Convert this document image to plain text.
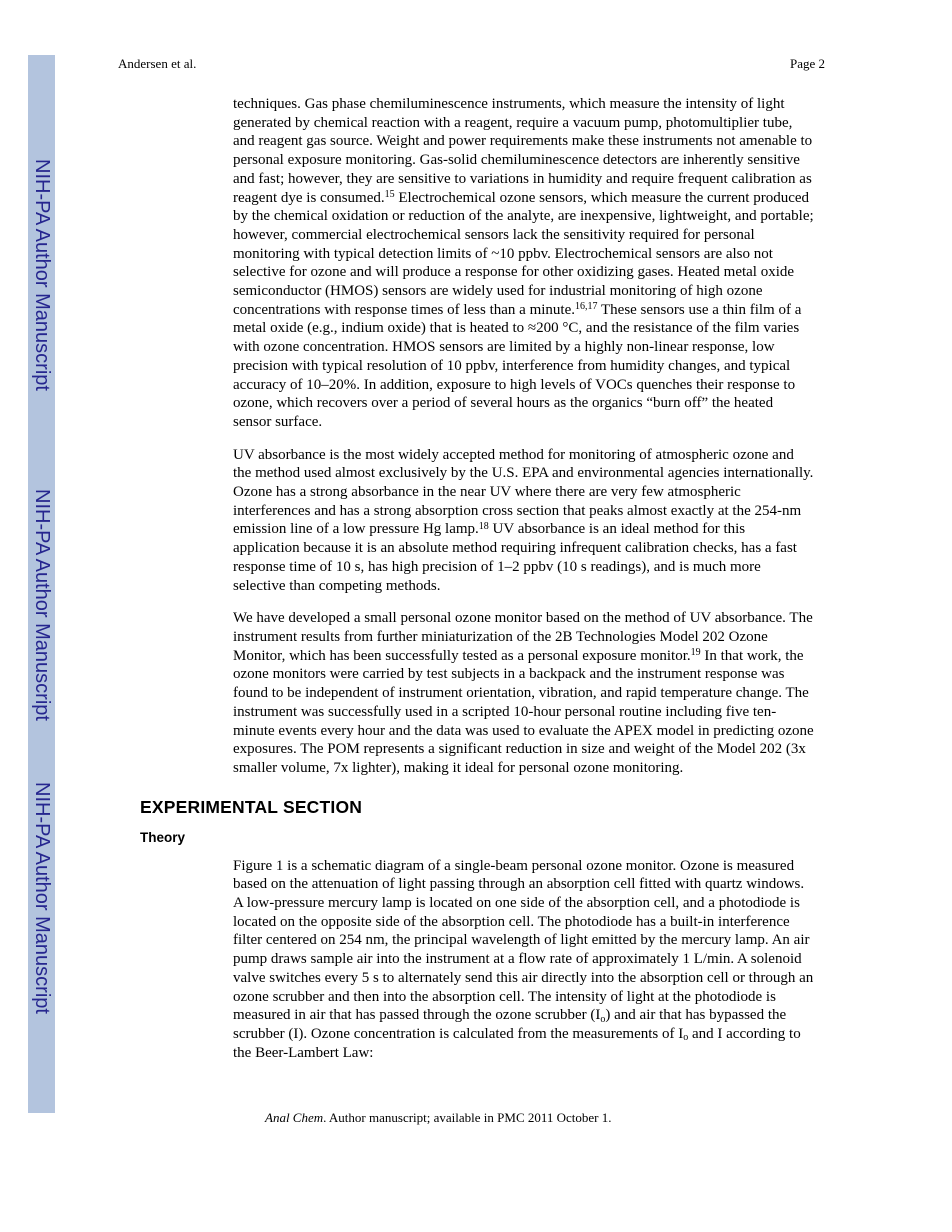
Andersen et al.	Page 2
NIH-PA Author Manuscript
NIH-PA Author Manuscript
NIH-PA Author Manuscript

techniques. Gas phase chemiluminescence instruments, which measure the intensity of light generated by chemical reaction with a reagent, require a vacuum pump, photomultiplier tube, and reagent gas source. Weight and power requirements make these instruments not amenable to personal exposure monitoring. Gas-solid chemiluminescence detectors are inherently sensitive and fast; however, they are sensitive to variations in humidity and require frequent calibration as reagent dye is consumed.$^{15}$ Electrochemical ozone sensors, which measure the current produced by the chemical oxidation or reduction of the analyte, are inexpensive, lightweight, and portable; however, commercial electrochemical sensors lack the sensitivity required for personal monitoring with typical detection limits of ~10 ppbv. Electrochemical sensors are also not selective for ozone and will produce a response for other oxidizing gases. Heated metal oxide semiconductor (HMOS) sensors are widely used for industrial monitoring of high ozone concentrations with response times of less than a minute.$^{16,17}$ These sensors use a thin film of a metal oxide (e.g., indium oxide) that is heated to ≈200 °C, and the resistance of the film varies with ozone concentration. HMOS sensors are limited by a highly non-linear response, low precision with typical resolution of 10 ppbv, interference from humidity changes, and typical accuracy of 10–20%. In addition, exposure to high levels of VOCs quenches their response to ozone, which recovers over a period of several hours as the organics “burn off” the heated sensor surface.

UV absorbance is the most widely accepted method for monitoring of atmospheric ozone and the method used almost exclusively by the U.S. EPA and environmental agencies internationally. Ozone has a strong absorbance in the near UV where there are very few atmospheric interferences and has a strong absorption cross section that peaks almost exactly at the 254-nm emission line of a low pressure Hg lamp.$^{18}$ UV absorbance is an ideal method for this application because it is an absolute method requiring infrequent calibration checks, has a fast response time of 10 s, has high precision of 1–2 ppbv (10 s readings), and is much more selective than competing methods.

We have developed a small personal ozone monitor based on the method of UV absorbance. The instrument results from further miniaturization of the 2B Technologies Model 202 Ozone Monitor, which has been successfully tested as a personal exposure monitor.$^{19}$ In that work, the ozone monitors were carried by test subjects in a backpack and the instrument response was found to be independent of instrument orientation, vibration, and rapid temperature change. The instrument was successfully used in a scripted 10-hour personal routine including five ten-minute events every hour and the data was used to evaluate the APEX model in predicting ozone exposures. The POM represents a significant reduction in size and weight of the Model 202 (3x smaller volume, 7x lighter), making it ideal for personal ozone monitoring.

EXPERIMENTAL SECTION
Theory

Figure 1 is a schematic diagram of a single-beam personal ozone monitor. Ozone is measured based on the attenuation of light passing through an absorption cell fitted with quartz windows. A low-pressure mercury lamp is located on one side of the absorption cell, and a photodiode is located on the opposite side of the absorption cell. The photodiode has a built-in interference filter centered on 254 nm, the principal wavelength of light emitted by the mercury lamp. An air pump draws sample air into the instrument at a flow rate of approximately 1 L/min. A solenoid valve switches every 5 s to alternately send this air directly into the absorption cell or through an ozone scrubber and then into the absorption cell. The intensity of light at the photodiode is measured in air that has passed through the ozone scrubber $(I_o)$ and air that has bypassed the scrubber (I). Ozone concentration is calculated from the measurements of $I_o$ and I according to the Beer-Lambert Law:

Anal Chem. Author manuscript; available in PMC 2011 October 1.
